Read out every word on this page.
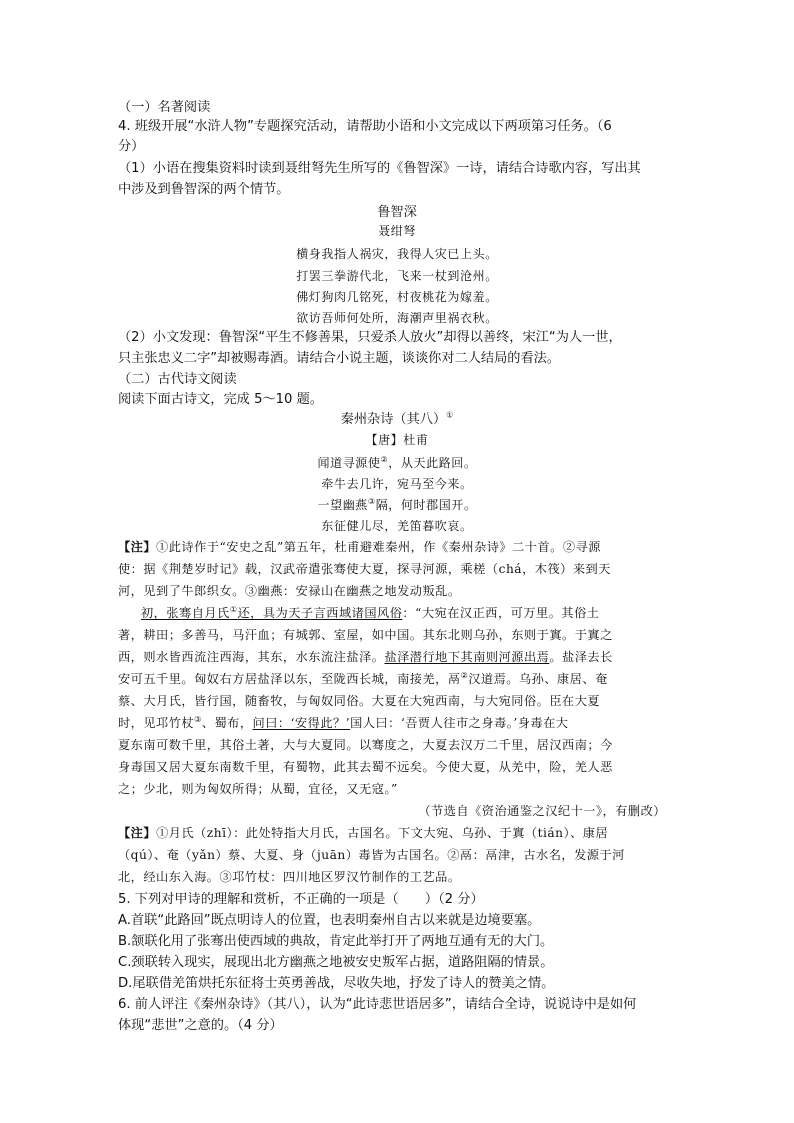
（一）名著阅读
4. 班级开展“水浒人物”专题探究活动，请帮助小语和小文完成以下两项第习任务。（6
分）
（1）小语在搜集资料时读到聂绀弩先生所写的《鲁智深》一诗，请结合诗歌内容，写出其
中涉及到鲁智深的两个情节。
鲁智深
聂绀弩
横身我指人祸灾，我得人灾已上头。
打罢三拳游代北，飞来一杖到沧州。
佛灯狗肉几铭死，村夜桃花为嫁羞。
欲访吾师何处所，海潮声里祸衣秋。
（2）小文发现：鲁智深“平生不修善果，只爱杀人放火”却得以善终，宋江“为人一世，
只主张忠义二字”却被赐毒酒。请结合小说主题，谈谈你对二人结局的看法。
（二）古代诗文阅读
阅读下面古诗文，完成 5～10 题。
秦州杂诗（其八）①
【唐】杜甫
闻道寻源使②，从天此路回。
牵牛去几许，宛马至今来。
一望幽燕③隔，何时郡国开。
东征健儿尽，羌笛暮吹哀。
【注】①此诗作于“安史之乱”第五年，杜甫避难秦州，作《秦州杂诗》二十首。②寻源
使：据《荆楚岁时记》载，汉武帝遣张骞使大夏，探寻河源，乘槎（chá，木筏）来到天
河，见到了牛郎织女。③幽燕：安禄山在幽燕之地发动叛乱。
初，张骞自月氏①还，具为天子言西域诸国风俗：“大宛在汉正西，可万里。其俗土
著，耕田；多善马，马汗血；有城郭、室屋，如中国。其东北则乌孙，东则于窴。于窴之
西，则水皆西流注西海，其东，水东流注盐泽。盐泽潜行地下其南则河源出焉。盐泽去长
安可五千里。匈奴右方居盐泽以东，至陇西长城，南接羌，鬲②汉道焉。乌孙、康居、奄
蔡、大月氏，皆行国，随畜牧，与匈奴同俗。大夏在大宛西南，与大宛同俗。臣在大夏
时，见邛竹杖③、蜀布，问曰：‘安得此？’国人曰：‘吾贾人往市之身毒。’身毒在大
夏东南可数千里，其俗土著，大与大夏同。以骞度之，大夏去汉万二千里，居汉西南；今
身毒国又居大夏东南数千里，有蜀物，此其去蜀不远矣。今使大夏，从羌中，险，羌人恶
之；少北，则为匈奴所得；从蜀，宜径，又无寇。”
（节选自《资治通鉴之汉纪十一》，有删改）
【注】①月氏（zhī）：此处特指大月氏，古国名。下文大宛、乌孙、于窴（tián）、康居
（qú）、奄（yǎn）蔡、大夏、身（juān）毒皆为古国名。②鬲：鬲津，古水名，发源于河
北，经山东入海。③邛竹杖：四川地区罗汉竹制作的工艺品。
5. 下列对甲诗的理解和赏析，不正确的一项是（　　）（2 分）
A.首联“此路回”既点明诗人的位置，也表明秦州自古以来就是边境要塞。
B.颔联化用了张骞出使西域的典故，肯定此举打开了两地互通有无的大门。
C.颈联转入现实，展现出北方幽燕之地被安史叛军占据，道路阻隔的情景。
D.尾联借羌笛烘托东征将士英勇善战，尽收失地，抒发了诗人的赞美之情。
6. 前人评注《秦州杂诗》（其八），认为“此诗悲世语居多”，请结合全诗，说说诗中是如何
体现“悲世”之意的。（4 分）
